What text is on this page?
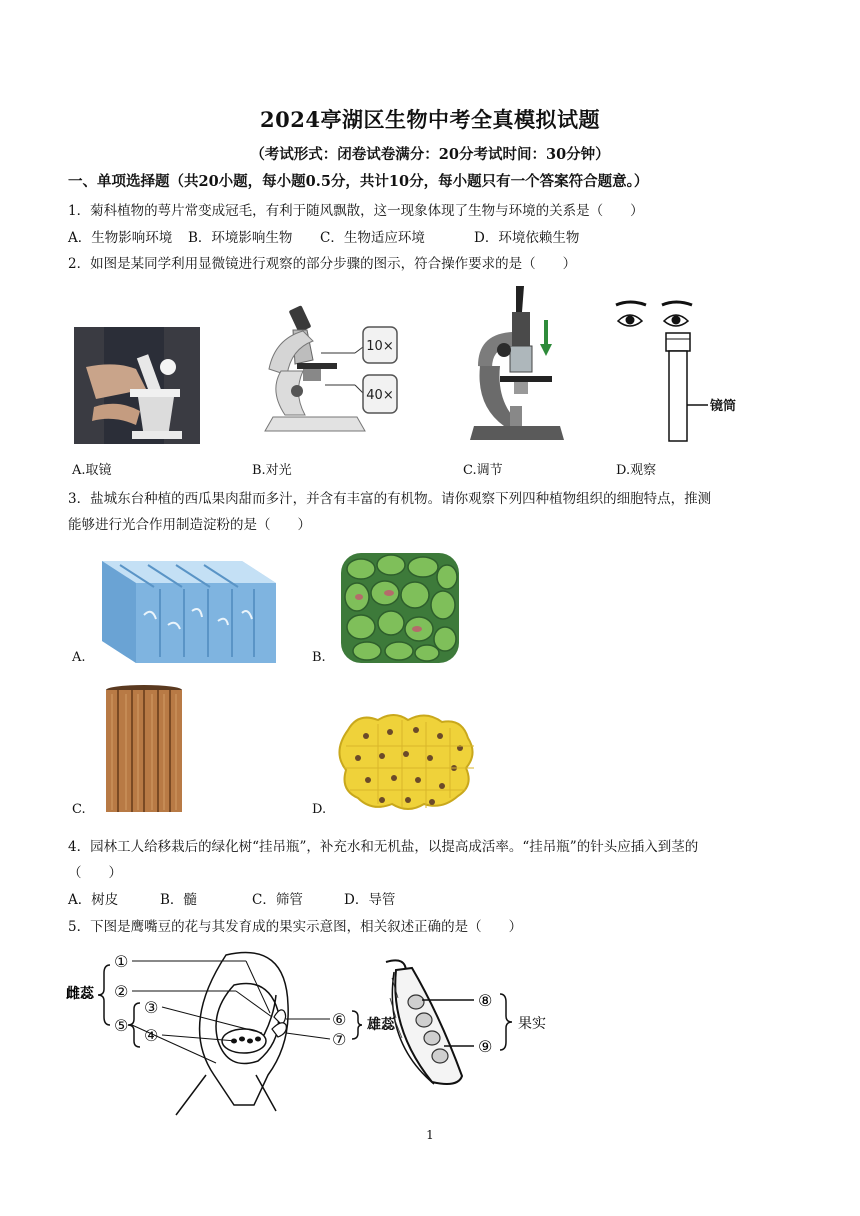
2024亭湖区生物中考全真模拟试题
（考试形式：闭卷试卷满分：20分考试时间：30分钟）
一、单项选择题（共20小题，每小题0.5分，共计10分，每小题只有一个答案符合题意。）
1．菊科植物的萼片常变成冠毛，有利于随风飘散，这一现象体现了生物与环境的关系是（　　）
A．生物影响环境 B．环境影响生物 C．生物适应环境	D．环境依赖生物
2．如图是某同学利用显微镜进行观察的部分步骤的图示，符合操作要求的是（　　）
10×
40×
镜筒
A.取镜	B.对光	C.调节	D.观察
3．盐城东台种植的西瓜果肉甜而多汁，并含有丰富的有机物。请你观察下列四种植物组织的细胞特点，推测
能够进行光合作用制造淀粉的是（　　）
A.	B.
C.	D.
4．园林工人给移栽后的绿化树“挂吊瓶”，补充水和无机盐，以提高成活率。“挂吊瓶”的针头应插入到茎的
（　　）
A．树皮	B．髓	C．筛管	D．导管
5．下图是鹰嘴豆的花与其发育成的果实示意图，相关叙述正确的是（　　）
雌蕊
①
②
⑤
③
④
⑥
⑦
雄蕊
⑧
⑨
果实
1
